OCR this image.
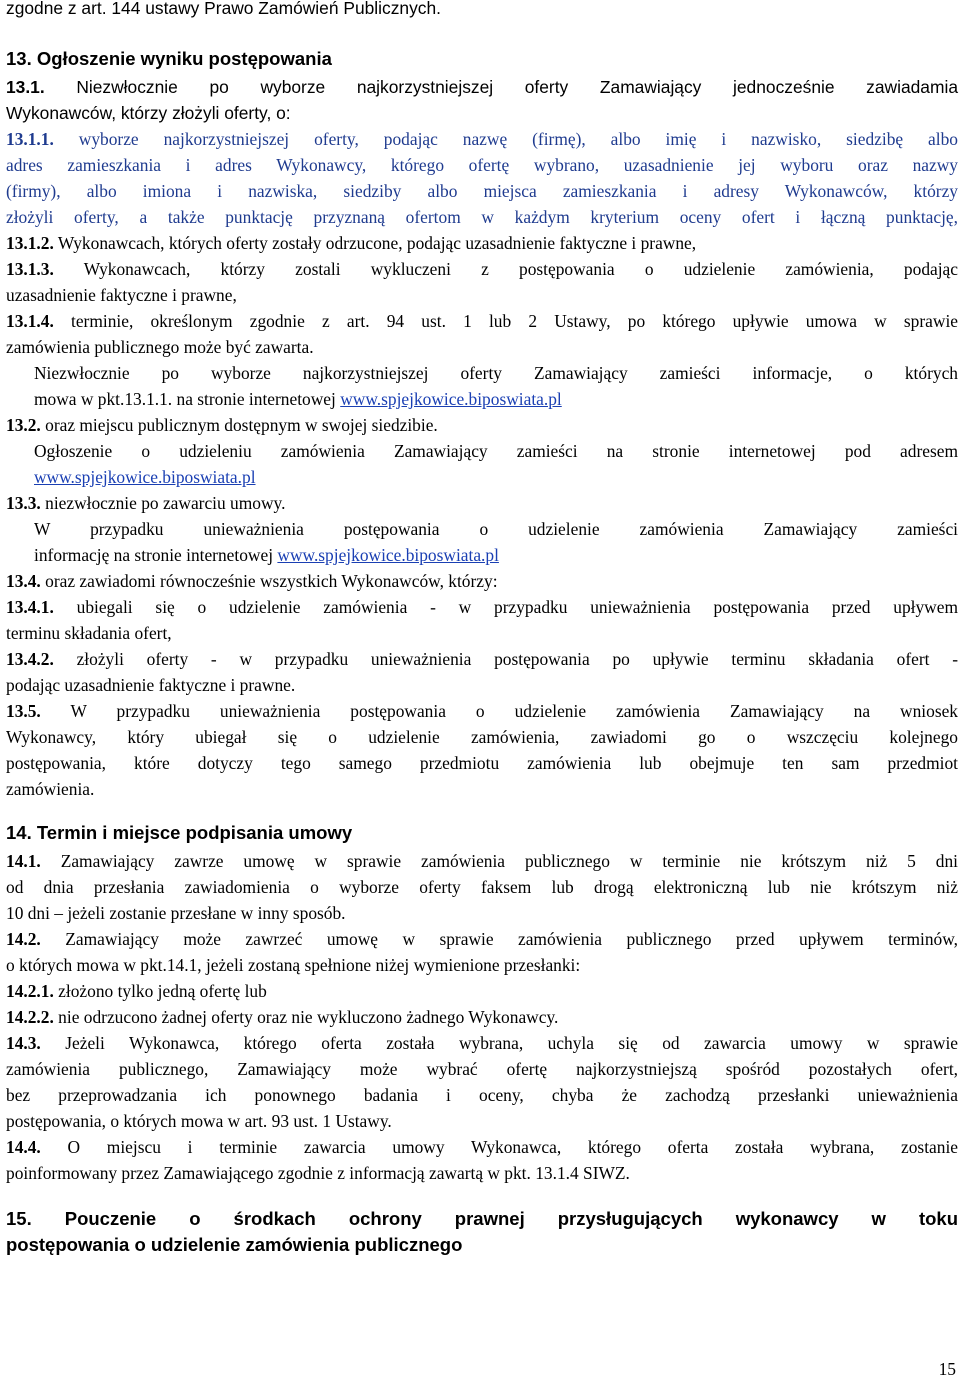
zgodne z art. 144 ustawy Prawo Zamówień Publicznych.
13. Ogłoszenie wyniku postępowania
13.1. Niezwłocznie po wyborze najkorzystniejszej oferty Zamawiający jednocześnie zawiadamia
Wykonawców, którzy złożyli oferty, o:
13.1.1. wyborze najkorzystniejszej oferty, podając nazwę (firmę), albo imię i nazwisko, siedzibę albo
adres zamieszkania i adres Wykonawcy, którego ofertę wybrano, uzasadnienie jej wyboru oraz nazwy
(firmy), albo imiona i nazwiska, siedziby albo miejsca zamieszkania i adresy Wykonawców, którzy
złożyli oferty, a także punktację przyznaną ofertom w każdym kryterium oceny ofert i łączną punktację,
13.1.2. Wykonawcach, których oferty zostały odrzucone, podając uzasadnienie faktyczne i prawne,
13.1.3. Wykonawcach, którzy zostali wykluczeni z postępowania o udzielenie zamówienia, podając
uzasadnienie faktyczne i prawne,
13.1.4. terminie, określonym zgodnie z art. 94 ust. 1 lub 2 Ustawy, po którego upływie umowa w sprawie
zamówienia publicznego może być zawarta.
Niezwłocznie po wyborze najkorzystniejszej oferty Zamawiający zamieści informacje, o których
mowa w pkt.13.1.1. na stronie internetowej www.spjejkowice.biposwiata.pl
13.2. oraz miejscu publicznym dostępnym w swojej siedzibie.
Ogłoszenie o udzieleniu zamówienia Zamawiający zamieści na stronie internetowej pod adresem
www.spjejkowice.biposwiata.pl
13.3. niezwłocznie po zawarciu umowy.
W przypadku unieważnienia postępowania o udzielenie zamówienia Zamawiający zamieści
informację na stronie internetowej www.spjejkowice.biposwiata.pl
13.4. oraz zawiadomi równocześnie wszystkich Wykonawców, którzy:
13.4.1. ubiegali się o udzielenie zamówienia - w przypadku unieważnienia postępowania przed upływem
terminu składania ofert,
13.4.2. złożyli oferty - w przypadku unieważnienia postępowania po upływie terminu składania ofert -
podając uzasadnienie faktyczne i prawne.
13.5. W przypadku unieważnienia postępowania o udzielenie zamówienia Zamawiający na wniosek
Wykonawcy, który ubiegał się o udzielenie zamówienia, zawiadomi go o wszczęciu kolejnego
postępowania, które dotyczy tego samego przedmiotu zamówienia lub obejmuje ten sam przedmiot
zamówienia.
14. Termin i miejsce podpisania umowy
14.1. Zamawiający zawrze umowę w sprawie zamówienia publicznego w terminie nie krótszym niż 5 dni
od dnia przesłania zawiadomienia o wyborze oferty faksem lub drogą elektroniczną lub nie krótszym niż
10 dni – jeżeli zostanie przesłane w inny sposób.
14.2. Zamawiający może zawrzeć umowę w sprawie zamówienia publicznego przed upływem terminów,
o których mowa w pkt.14.1, jeżeli zostaną spełnione niżej wymienione przesłanki:
14.2.1. złożono tylko jedną ofertę lub
14.2.2. nie odrzucono żadnej oferty oraz nie wykluczono żadnego Wykonawcy.
14.3. Jeżeli Wykonawca, którego oferta została wybrana, uchyla się od zawarcia umowy w sprawie
zamówienia publicznego, Zamawiający może wybrać ofertę najkorzystniejszą spośród pozostałych ofert,
bez przeprowadzania ich ponownego badania i oceny, chyba że zachodzą przesłanki unieważnienia
postępowania, o których mowa w art. 93 ust. 1 Ustawy.
14.4. O miejscu i terminie zawarcia umowy Wykonawca, którego oferta została wybrana, zostanie
poinformowany przez Zamawiającego zgodnie z informacją zawartą w pkt. 13.1.4 SIWZ.
15. Pouczenie o środkach ochrony prawnej przysługujących wykonawcy w toku
postępowania o udzielenie zamówienia publicznego
15
